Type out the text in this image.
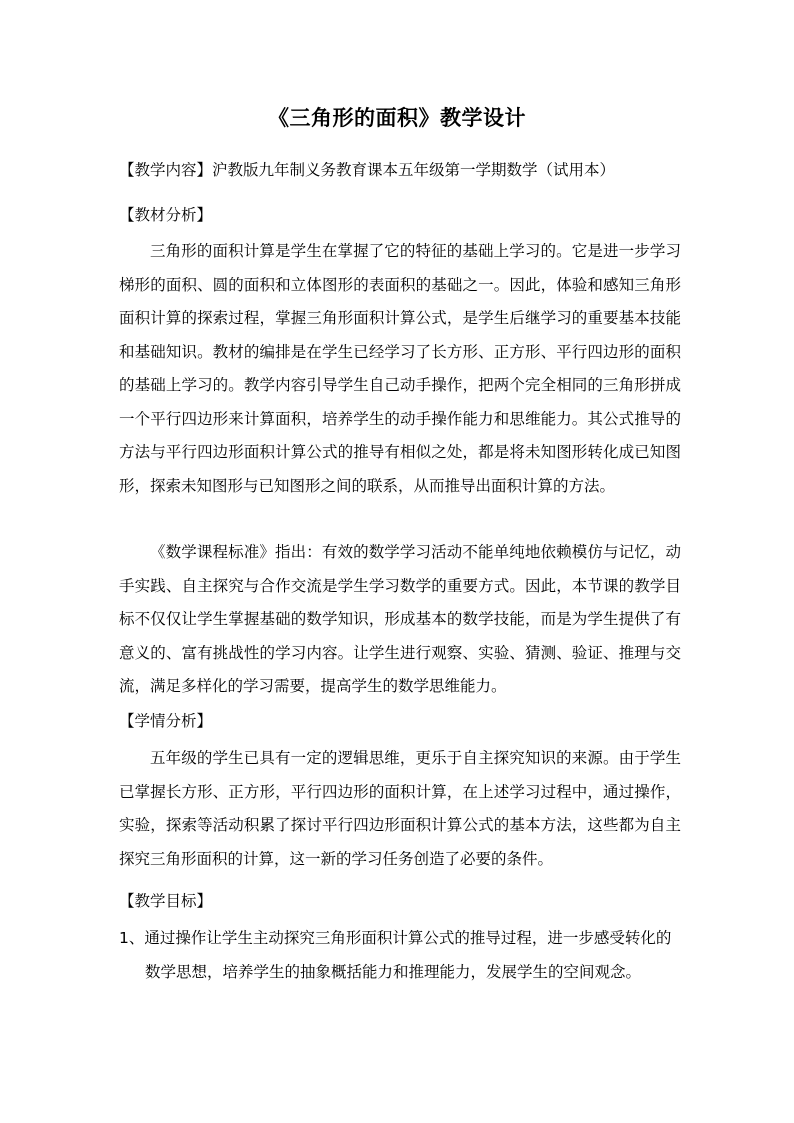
《三角形的面积》教学设计
【教学内容】沪教版九年制义务教育课本五年级第一学期数学（试用本）
【教材分析】
三角形的面积计算是学生在掌握了它的特征的基础上学习的。它是进一步学习梯形的面积、圆的面积和立体图形的表面积的基础之一。因此，体验和感知三角形面积计算的探索过程，掌握三角形面积计算公式，是学生后继学习的重要基本技能和基础知识。教材的编排是在学生已经学习了长方形、正方形、平行四边形的面积的基础上学习的。教学内容引导学生自己动手操作，把两个完全相同的三角形拼成一个平行四边形来计算面积，培养学生的动手操作能力和思维能力。其公式推导的方法与平行四边形面积计算公式的推导有相似之处，都是将未知图形转化成已知图形，探索未知图形与已知图形之间的联系，从而推导出面积计算的方法。
《数学课程标准》指出：有效的数学学习活动不能单纯地依赖模仿与记忆，动手实践、自主探究与合作交流是学生学习数学的重要方式。因此，本节课的教学目标不仅仅让学生掌握基础的数学知识，形成基本的数学技能，而是为学生提供了有意义的、富有挑战性的学习内容。让学生进行观察、实验、猜测、验证、推理与交流，满足多样化的学习需要，提高学生的数学思维能力。
【学情分析】
五年级的学生已具有一定的逻辑思维，更乐于自主探究知识的来源。由于学生已掌握长方形、正方形，平行四边形的面积计算，在上述学习过程中，通过操作，实验，探索等活动积累了探讨平行四边形面积计算公式的基本方法，这些都为自主探究三角形面积的计算，这一新的学习任务创造了必要的条件。
【教学目标】
1、通过操作让学生主动探究三角形面积计算公式的推导过程，进一步感受转化的数学思想，培养学生的抽象概括能力和推理能力，发展学生的空间观念。
